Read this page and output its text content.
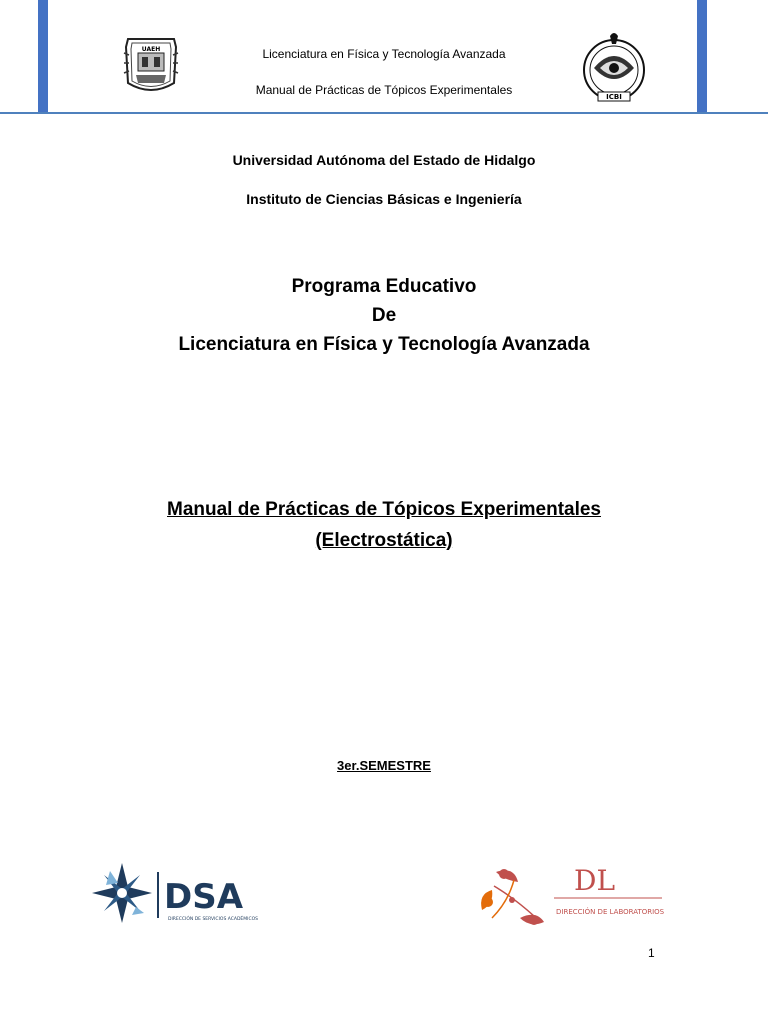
UAEH	Licenciatura en Física y Tecnología Avanzada
Manual de Prácticas de Tópicos Experimentales	ICBI
Universidad Autónoma del Estado de Hidalgo
Instituto de Ciencias Básicas e Ingeniería
Programa Educativo
De
Licenciatura en Física y Tecnología Avanzada
Manual de Prácticas de Tópicos Experimentales
(Electrostática)
3er.SEMESTRE
DSA
DIRECCIÓN DE SERVICIOS ACADÉMICOS
DL
DIRECCIÓN DE LABORATORIOS
1
